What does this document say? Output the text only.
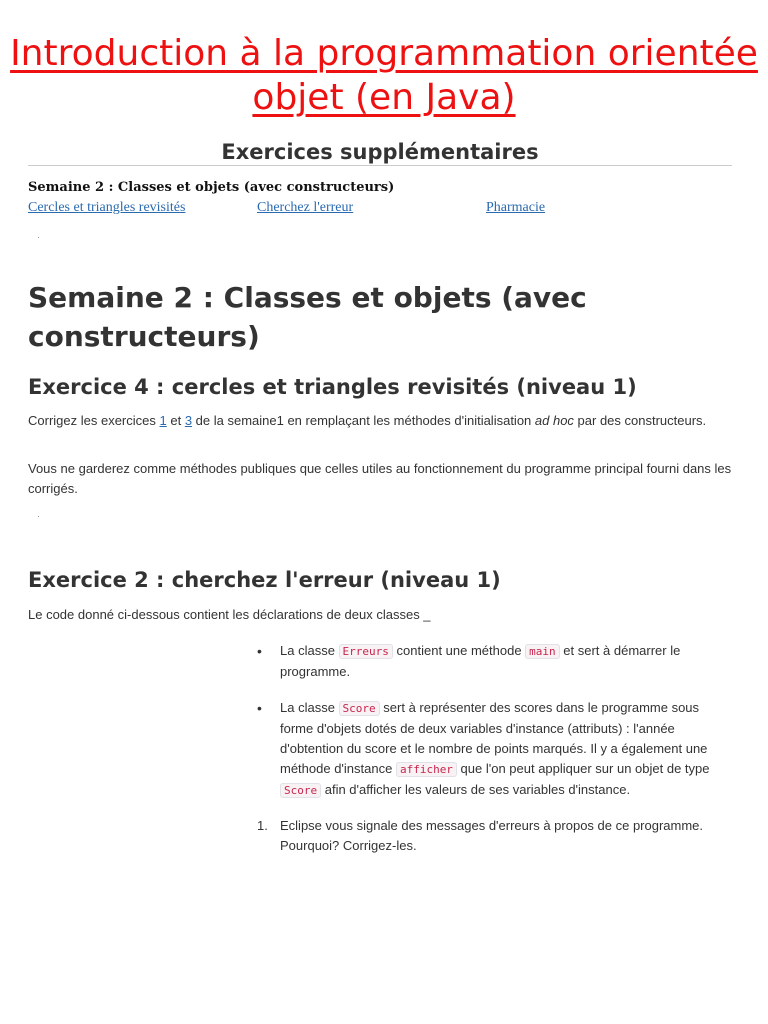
Introduction à la programmation orientée objet (en Java)
Exercices supplémentaires
Semaine 2 : Classes et objets (avec constructeurs)
Cercles et triangles revisités	Cherchez l'erreur	Pharmacie
Semaine 2 : Classes et objets (avec constructeurs)
Exercice 4 : cercles et triangles revisités (niveau 1)

Corrigez les exercices 1 et 3 de la semaine1 en remplaçant les méthodes d'initialisation ad hoc par des constructeurs.

Vous ne garderez comme méthodes publiques que celles utiles au fonctionnement du programme principal fourni dans les corrigés.

Exercice 2 : cherchez l'erreur (niveau 1)

Le code donné ci-dessous contient les déclarations de deux classes _

• La classe Erreurs contient une méthode main et sert à démarrer le programme.

• La classe Score sert à représenter des scores dans le programme sous forme d'objets dotés de deux variables d'instance (attributs) : l'année d'obtention du score et le nombre de points marqués. Il y a également une méthode d'instance afficher que l'on peut appliquer sur un objet de type Score afin d'afficher les valeurs de ses variables d'instance.

1. Eclipse vous signale des messages d'erreurs à propos de ce programme. Pourquoi? Corrigez-les.
